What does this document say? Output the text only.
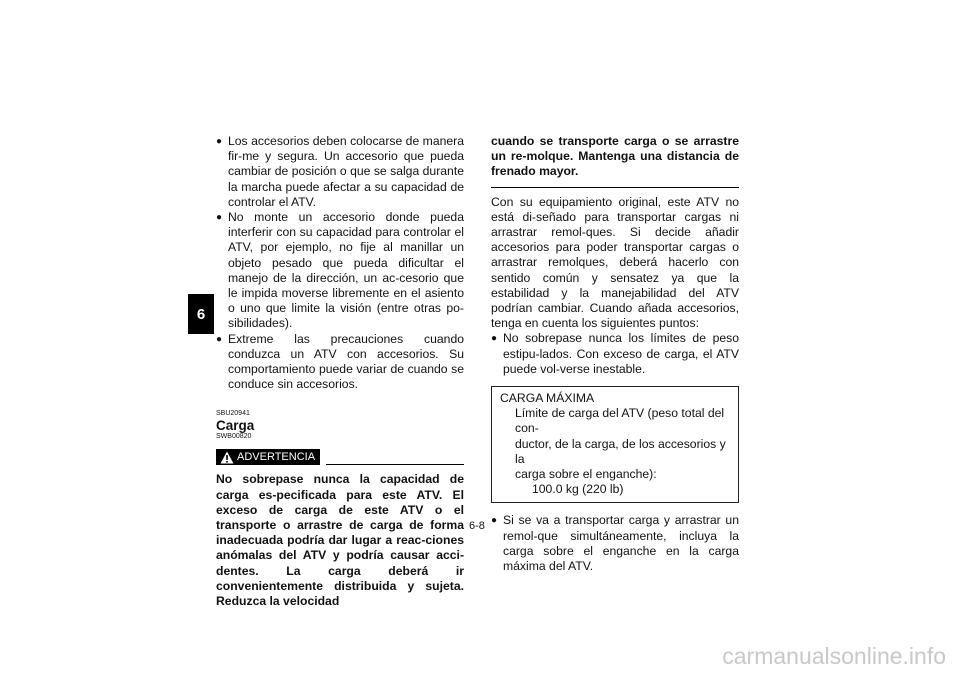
6
● Los accesorios deben colocarse de manera fir-me y segura. Un accesorio que pueda cambiar de posición o que se salga durante la marcha puede afectar a su capacidad de controlar el ATV.
● No monte un accesorio donde pueda interferir con su capacidad para controlar el ATV, por ejemplo, no fije al manillar un objeto pesado que pueda dificultar el manejo de la dirección, un ac-cesorio que le impida moverse libremente en el asiento o uno que limite la visión (entre otras po-sibilidades).
● Extreme las precauciones cuando conduzca un ATV con accesorios. Su comportamiento puede variar de cuando se conduce sin accesorios.
SBU20941
Carga
SWB00820
ADVERTENCIA
No sobrepase nunca la capacidad de carga es-pecificada para este ATV. El exceso de carga de este ATV o el transporte o arrastre de carga de forma inadecuada podría dar lugar a reac-ciones anómalas del ATV y podría causar acci-dentes. La carga deberá ir convenientemente distribuida y sujeta. Reduzca la velocidad
cuando se transporte carga o se arrastre un re-molque. Mantenga una distancia de frenado mayor.
Con su equipamiento original, este ATV no está di-señado para transportar cargas ni arrastrar remol-ques. Si decide añadir accesorios para poder transportar cargas o arrastrar remolques, deberá hacerlo con sentido común y sensatez ya que la estabilidad y la manejabilidad del ATV podrían cambiar. Cuando añada accesorios, tenga en cuenta los siguientes puntos:
● No sobrepase nunca los límites de peso estipu-lados. Con exceso de carga, el ATV puede vol-verse inestable.
CARGA MÁXIMA
Límite de carga del ATV (peso total del con-
ductor, de la carga, de los accesorios y la
carga sobre el enganche):
100.0 kg (220 lb)
● Si se va a transportar carga y arrastrar un remol-que simultáneamente, incluya la carga sobre el enganche en la carga máxima del ATV.
6-8
carmanualsonline.info
